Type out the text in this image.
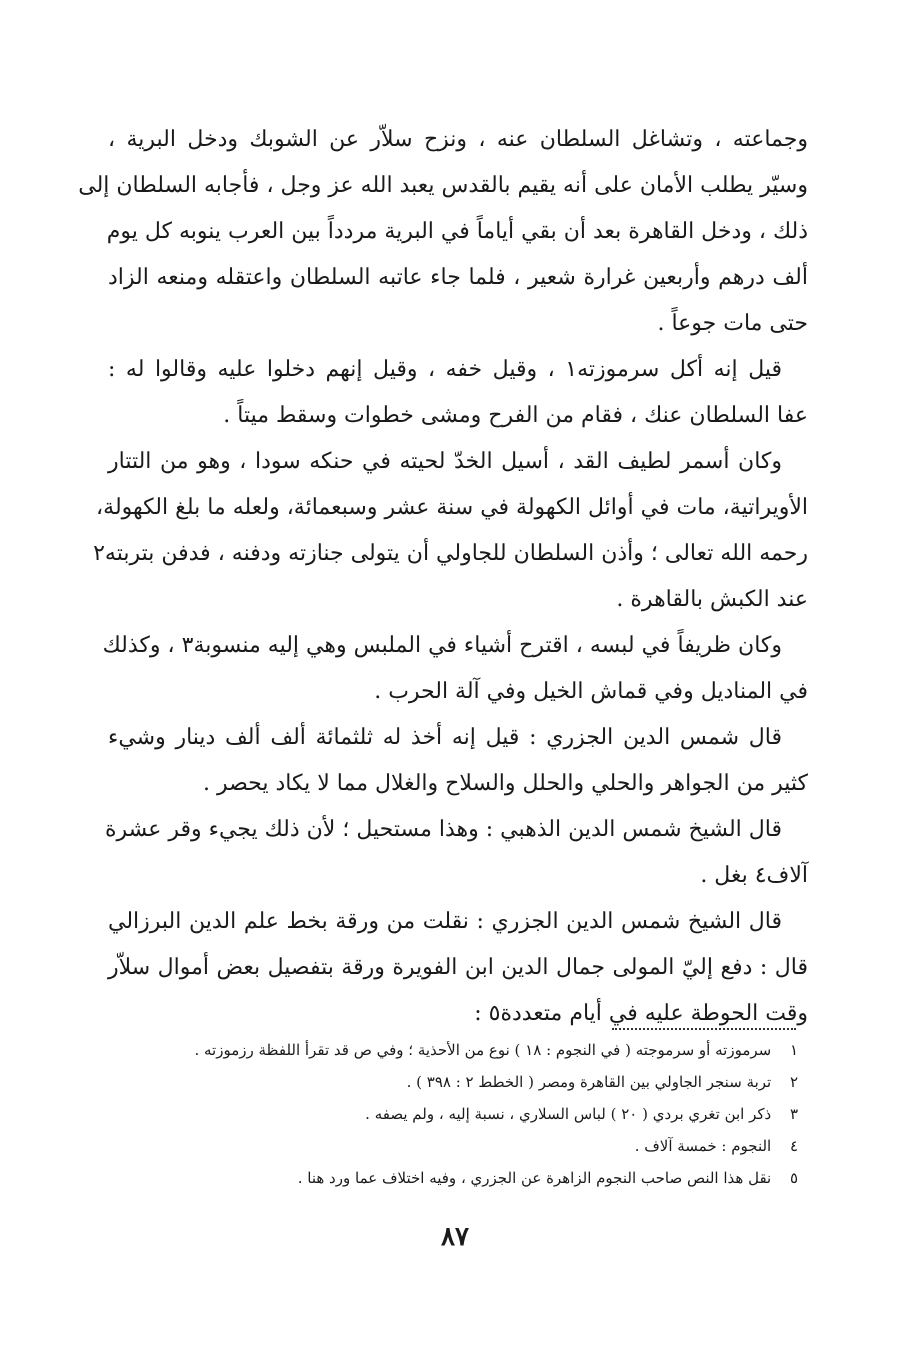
وجماعته ، وتشاغل السلطان عنه ، ونزح سلاّر عن الشوبك ودخل البرية ،
وسيّر يطلب الأمان على أنه يقيم بالقدس يعبد الله عز وجل ، فأجابه السلطان إلى
ذلك ، ودخل القاهرة بعد أن بقي أياماً في البرية مردداً بين العرب ينوبه كل يوم
ألف درهم وأربعين غرارة شعير ، فلما جاء عاتبه السلطان واعتقله ومنعه الزاد
حتى مات جوعاً .
قيل إنه أكل سرموزته١ ، وقيل خفه ، وقيل إنهم دخلوا عليه وقالوا له :
عفا السلطان عنك ، فقام من الفرح ومشى خطوات وسقط ميتاً .
وكان أسمر لطيف القد ، أسيل الخدّ لحيته في حنكه سودا ، وهو من التتار
الأويراتية، مات في أوائل الكهولة في سنة عشر وسبعمائة، ولعله ما بلغ الكهولة،
رحمه الله تعالى ؛ وأذن السلطان للجاولي أن يتولى جنازته ودفنه ، فدفن بتربته٢
عند الكبش بالقاهرة .
وكان ظريفاً في لبسه ، اقترح أشياء في الملبس وهي إليه منسوبة٣ ، وكذلك
في المناديل وفي قماش الخيل وفي آلة الحرب .
قال شمس الدين الجزري : قيل إنه أخذ له ثلثمائة ألف ألف دينار وشيء
كثير من الجواهر والحلي والحلل والسلاح والغلال مما لا يكاد يحصر .
قال الشيخ شمس الدين الذهبي : وهذا مستحيل ؛ لأن ذلك يجيء وقر عشرة
آلاف٤ بغل .
قال الشيخ شمس الدين الجزري : نقلت من ورقة بخط علم الدين البرزالي
قال : دفع إليّ المولى جمال الدين ابن الفويرة ورقة بتفصيل بعض أموال سلاّر
وقت الحوطة عليه في أيام متعددة٥ :
١ سرموزته أو سرموجته ( في النجوم : ١٨ ) نوع من الأحذية ؛ وفي ص قد تقرأ اللفظة رزموزته .
٢ تربة سنجر الجاولي بين القاهرة ومصر ( الخطط ٢ : ٣٩٨ ) .
٣ ذكر ابن تغري بردي ( ٢٠ ) لباس السلاري ، نسبة إليه ، ولم يصفه .
٤ النجوم : خمسة آلاف .
٥ نقل هذا النص صاحب النجوم الزاهرة عن الجزري ، وفيه اختلاف عما ورد هنا .
٨٧
